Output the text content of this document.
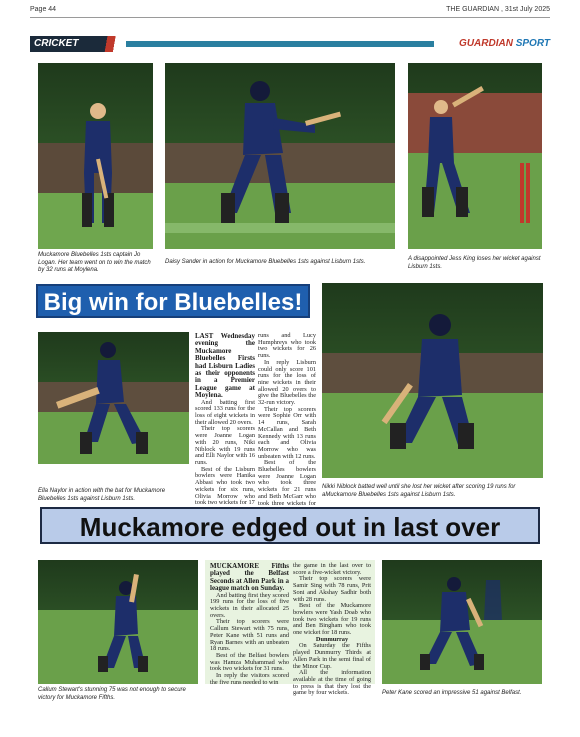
Page 44	THE GUARDIAN , 31st July 2025
CRICKET	GUARDIAN SPORT
Muckamore Bluebelles 1sts captain Jo Logan. Her team went on to win the match by 32 runs at Moylena.
Daisy Sander in action for Muckamore Bluebelles 1sts against Lisburn 1sts.	A disappointed Jess King loses her wicket against Lisburn 1sts.
Big win for Bluebelles!
Ella Naylor in action with the bat for Muckamore Bluebelles 1sts against Lisburn 1sts.

LAST Wednesday evening the Muckamore Bluebelles Firsts had Lisburn Ladies as their opponents in a Premier League game at Moylena.

And batting first scored 133 runs for the loss of eight wickets in their allowed 20 overs.

Their top scorers were Joanne Logan with 20 runs, Niki Niblock with 19 runs and Elli Naylor with 16 runs.

Best of the Lisburn bowlers were Hanika Abbasi who took two wickets for six runs, Olivia Morrow who took two wickets for 17

runs and Lucy Humphreys who took two wickets for 26 runs.

In reply Lisburn could only score 101 runs for the loss of nine wickets in their allowed 20 overs to give the Bluebelles the 32-run victory.

Their top scorers were Sophie Orr with 14 runs, Sarah McCallan and Beth Kennedy with 13 runs each and Olivia Morrow who was unbeaten with 12 runs.

Best of the Bluebelles bowlers were Joanne Logan who took three wickets for 21 runs and Beth McGarr who took three wickets for

Nikki Niblock batted well until she lost her wicket after scoring 19 runs for aMuckamore Bluebelles 1sts against Lisburn 1sts.
Muckamore edged out in last over
Callum Stewart's stunning 75 was not enough to secure victory for Muckamore Fifths.

MUCKAMORE Fifths played the Belfast Seconds at Allen Park in a league match on Sunday.

And batting first they scored 199 runs for the loss of five wickets in their allocated 25 overs.

Their top scorers were Callum Stewart with 75 runs, Peter Kane with 51 runs and Ryan Barnes with an unbeaten 18 runs.

Best of the Belfast bowlers was Hamza Muhammad who took two wickets for 31 runs.

In reply the visitors scored the five runs needed to win

the game in the last over to score a five-wicket victory.

Their top scorers were Samir Sing with 78 runs, Prit Soni and Akshay Sadhir both with 28 runs.

Best of the Muckamore bowlers were Yash Doab who took two wickets for 19 runs and Ben Bingham who took one wicket for 18 runs.

Dunmurray

On Saturday the Fifths played Dunmurry Thirds at Allen Park in the semi final of the Minor Cup.

All the information available at the time of going to press is that they lost the game by four wickets.	Peter Kane scored an impressive 51 against Belfast.
